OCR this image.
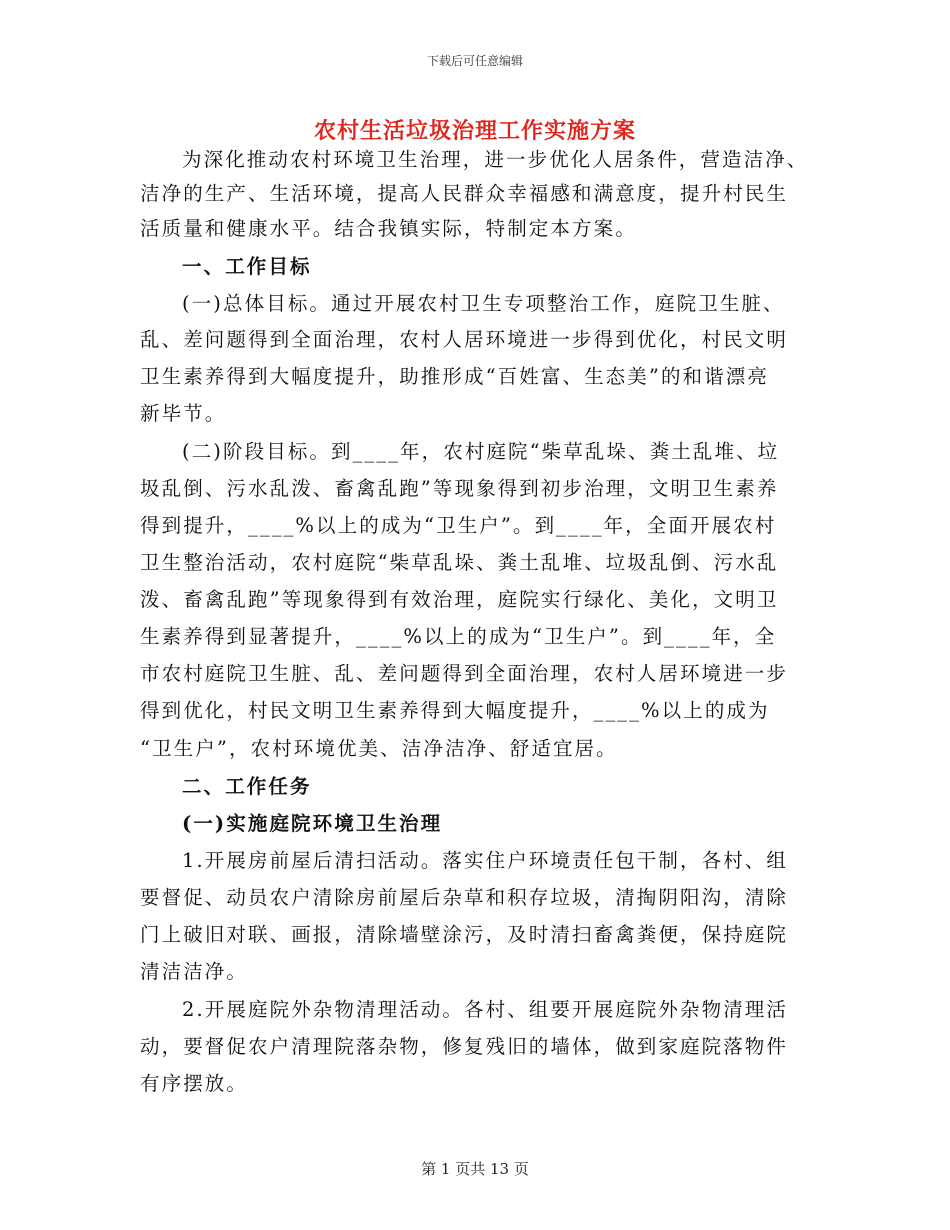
下载后可任意编辑
农村生活垃圾治理工作实施方案
为深化推动农村环境卫生治理，进一步优化人居条件，营造洁净、
洁净的生产、生活环境，提高人民群众幸福感和满意度，提升村民生
活质量和健康水平。结合我镇实际，特制定本方案。
一、工作目标
(一)总体目标。通过开展农村卫生专项整治工作，庭院卫生脏、
乱、差问题得到全面治理，农村人居环境进一步得到优化，村民文明
卫生素养得到大幅度提升，助推形成“百姓富、生态美”的和谐漂亮
新毕节。
(二)阶段目标。到____年，农村庭院“柴草乱垛、粪土乱堆、垃
圾乱倒、污水乱泼、畜禽乱跑”等现象得到初步治理，文明卫生素养
得到提升，____%以上的成为“卫生户”。到____年，全面开展农村
卫生整治活动，农村庭院“柴草乱垛、粪土乱堆、垃圾乱倒、污水乱
泼、畜禽乱跑”等现象得到有效治理，庭院实行绿化、美化，文明卫
生素养得到显著提升，____%以上的成为“卫生户”。到____年，全
市农村庭院卫生脏、乱、差问题得到全面治理，农村人居环境进一步
得到优化，村民文明卫生素养得到大幅度提升，____%以上的成为
“卫生户”，农村环境优美、洁净洁净、舒适宜居。
二、工作任务
(一)实施庭院环境卫生治理
1.开展房前屋后清扫活动。落实住户环境责任包干制，各村、组
要督促、动员农户清除房前屋后杂草和积存垃圾，清掏阴阳沟，清除
门上破旧对联、画报，清除墙壁涂污，及时清扫畜禽粪便，保持庭院
清洁洁净。
2.开展庭院外杂物清理活动。各村、组要开展庭院外杂物清理活
动，要督促农户清理院落杂物，修复残旧的墙体，做到家庭院落物件
有序摆放。
第 1 页共 13 页
